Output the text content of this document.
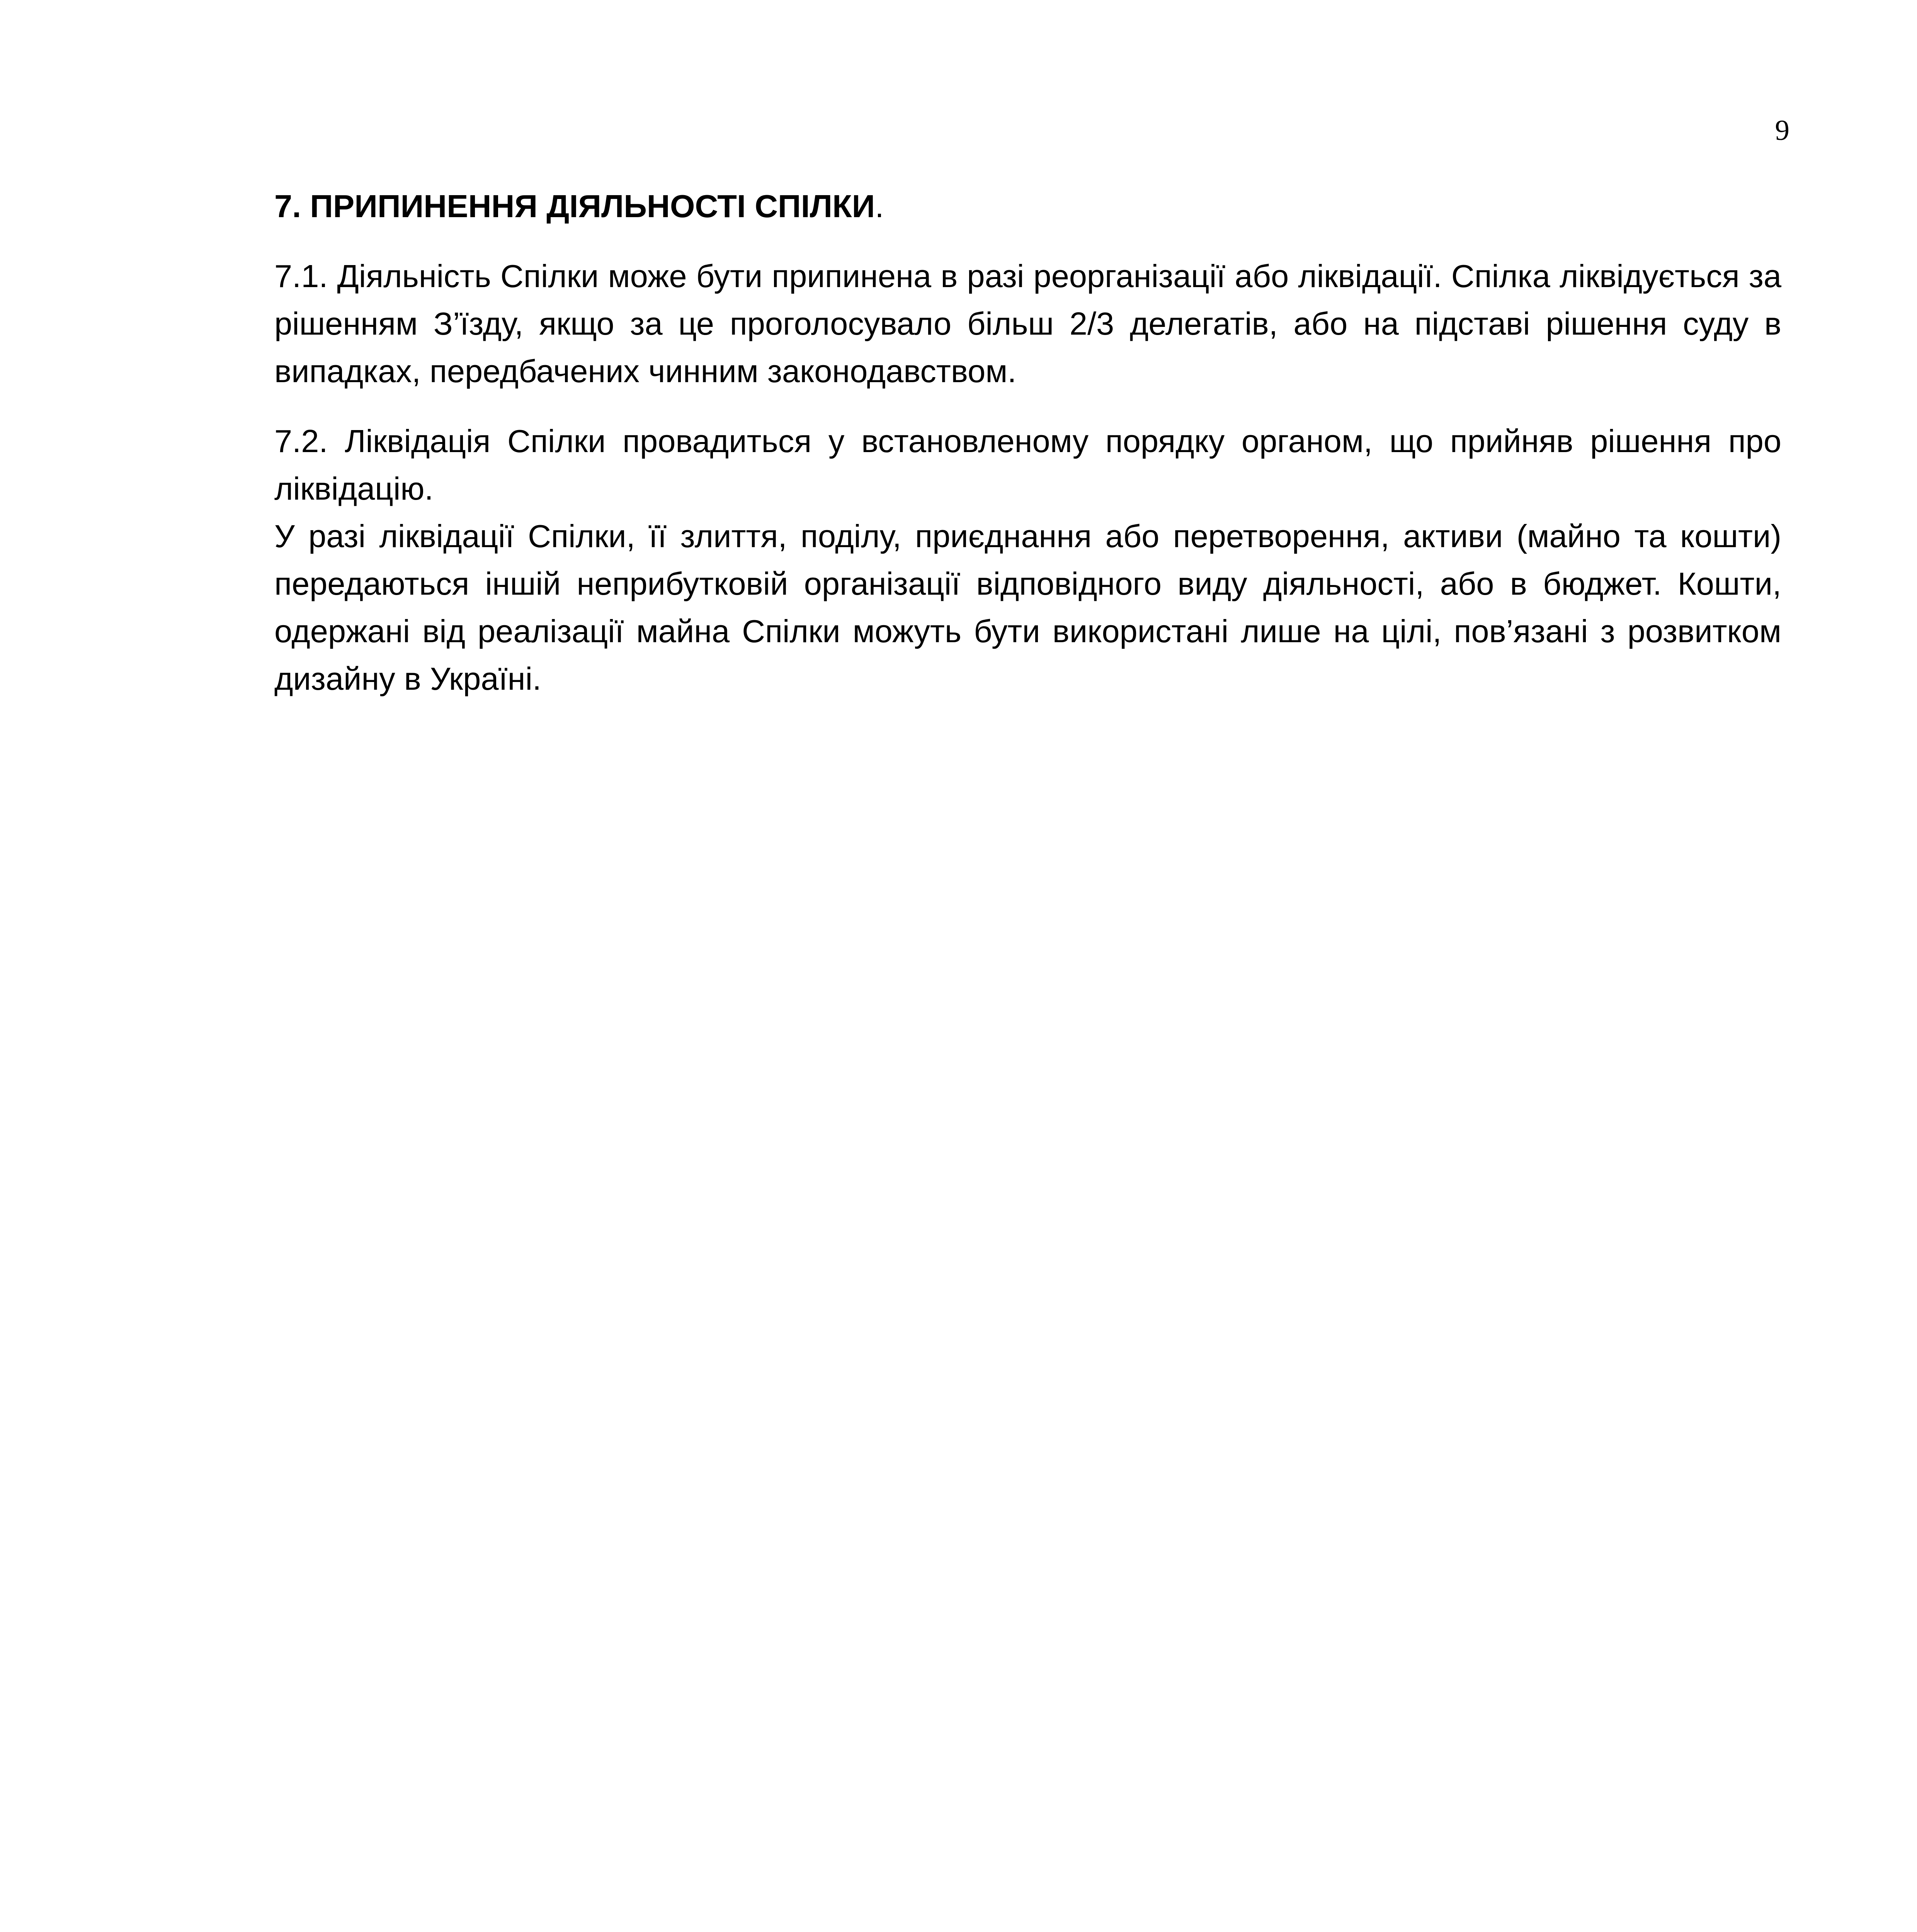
9
7. ПРИПИНЕННЯ ДІЯЛЬНОСТІ СПІЛКИ.

7.1. Діяльність Спілки може бути припинена в разі реорганізації або ліквідації. Спілка ліквідується за рішенням З’їзду, якщо за це проголосувало більш 2/3 делегатів, або на підставі рішення суду в випадках, передбачених чинним законодавством.

7.2. Ліквідація Спілки провадиться у встановленому порядку органом, що прийняв рішення про ліквідацію.

У разі ліквідації Спілки, її злиття, поділу, приєднання або перетворення, активи (майно та кошти) передаються іншій неприбутковій організації відповідного виду діяльності, або в бюджет. Кошти, одержані від реалізації майна Спілки можуть бути використані лише на цілі, пов’язані з розвитком дизайну в Україні.
